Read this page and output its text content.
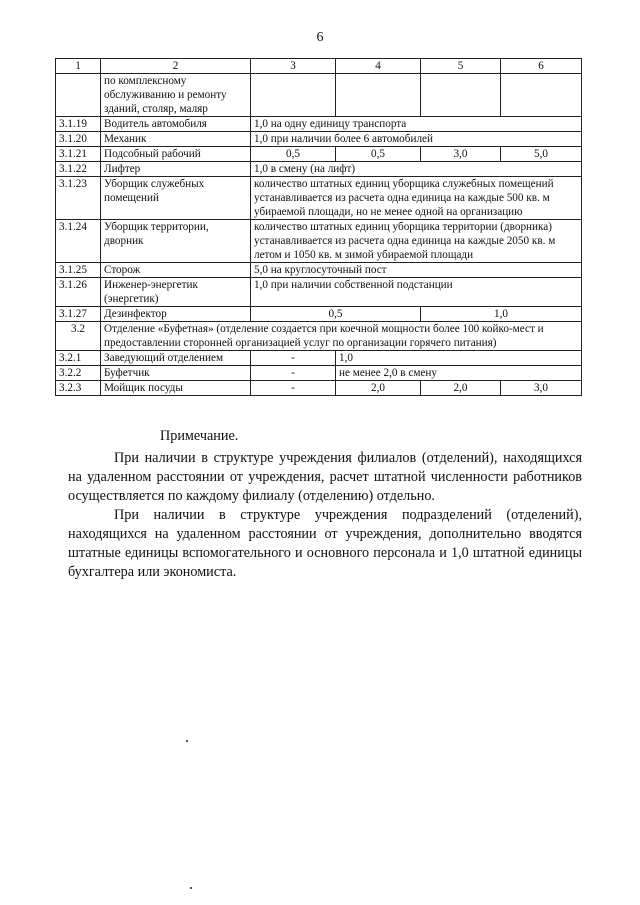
6
1	2	3	4	5	6
	по комплексному обслуживанию и ремонту зданий, столяр, маляр				
3.1.19	Водитель автомобиля	1,0 на одну единицу транспорта			
3.1.20	Механик	1,0 при наличии более 6 автомобилей			
3.1.21	Подсобный рабочий	0,5	0,5	3,0	5,0
3.1.22	Лифтер	1,0 в смену (на лифт)			
3.1.23	Уборщик служебных помещений	количество штатных единиц уборщика служебных помещений устанавливается из расчета одна единица на каждые 500 кв. м убираемой площади, но не менее одной на организацию			
3.1.24	Уборщик территории, дворник	количество штатных единиц уборщика территории (дворника) устанавливается из расчета одна единица на каждые 2050 кв. м летом и 1050 кв. м зимой убираемой площади			
3.1.25	Сторож	5,0 на круглосуточный пост			
3.1.26	Инженер-энергетик (энергетик)	1,0 при наличии собственной подстанции			
3.1.27	Дезинфектор	0,5		1,0	
3.2	Отделение «Буфетная» (отделение создается при коечной мощности более 100 койко-мест и предоставлении сторонней организацией услуг по организации горячего питания)				
3.2.1	Заведующий отделением	-	1,0		
3.2.2	Буфетчик	-	не менее 2,0 в смену		
3.2.3	Мойщик посуды	-	2,0	2,0	3,0
Примечание.

При наличии в структуре учреждения филиалов (отделений), находящихся на удаленном расстоянии от учреждения, расчет штатной численности работников осуществляется по каждому филиалу (отделению) отдельно.

При наличии в структуре учреждения подразделений (отделений), находящихся на удаленном расстоянии от учреждения, дополнительно вводятся штатные единицы вспомогательного и основного персонала и 1,0 штатной единицы бухгалтера или экономиста.
